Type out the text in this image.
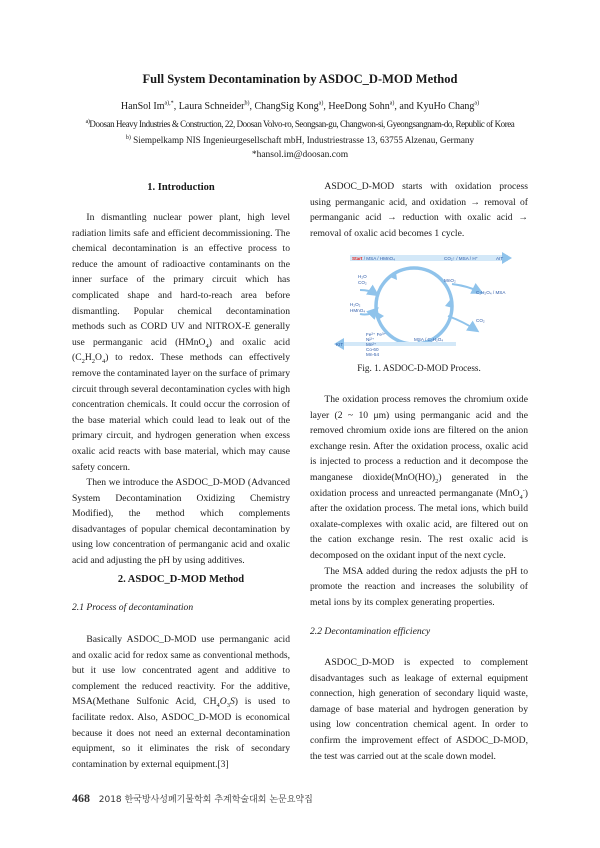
Full System Decontamination by ASDOC_D-MOD Method
HanSol $Im^{a),*}$, Laura Schneider$^{b)}$, ChangSig Kong$^{a)}$, HeeDong Sohn$^{a)}$, and KyuHo Chang$^{a)}$
$^{a)}$Doosan Heavy Industries & Construction, 22, Doosan Volvo-ro, Seongsan-gu, Changwon-si, Gyeongsangnam-do, Republic of Korea
$^{b)}$ Siempelkamp NIS Ingenieurgesellschaft mbH, Industriestrasse 13, 63755 Alzenau, Germany
*hansol.im@doosan.com
1. Introduction

In dismantling nuclear power plant, high level radiation limits safe and efficient decommissioning. The chemical decontamination is an effective process to reduce the amount of radioactive contaminants on the inner surface of the primary circuit which has complicated shape and hard-to-reach area before dismantling. Popular chemical decontamination methods such as CORD UV and NITROX-E generally use permanganic acid (HMnO$_4$) and oxalic acid $(C_2H_2O_4)$ to redox. These methods can effectively remove the contaminated layer on the surface of primary circuit through several decontamination cycles with high concentration chemicals. It could occur the corrosion of the base material which could lead to leak out of the primary circuit, and hydrogen generation when excess oxalic acid reacts with base material, which may cause safety concern.

Then we introduce the ASDOC_D-MOD (Advanced System Decontamination Oxidizing Chemistry Modified), the method which complements disadvantages of popular chemical decontamination by using low concentration of permanganic acid and oxalic acid and adjusting the pH by using additives.

2. ASDOC_D-MOD Method
2.1 Process of decontamination

Basically ASDOC_D-MOD use permanganic acid and oxalic acid for redox same as conventional methods, but it use low concentrated agent and additive to complement the reduced reactivity. For the additive, MSA(Methane Sulfonic Acid, $CH_4O_3S$) is used to facilitate redox. Also, ASDOC_D-MOD is economical because it does not need an external decontamination equipment, so it eliminates the risk of secondary contamination by external equipment.[3]

ASDOC_D-MOD starts with oxidation process using permanganic acid, and oxidation → removal of permanganic acid → reduction with oxalic acid → removal of oxalic acid becomes 1 cycle.

Start / MSA / HMnO₄	CO₂↑ / MSA / H⁺	AIT
H₂O
CO₂	MnO₂
C₂H₂O₄ / MSA
H₂O₂
HMnO₄
CO₂
Fe²⁺ Fe³⁺
Ni²⁺
Mn²⁺
Co-60
Mn-54
KIT
MSA / C₂H₂O₄
Fig. 1. ASDOC-D-MOD Process.

The oxidation process removes the chromium oxide layer (2 ~ 10 μm) using permanganic acid and the removed chromium oxide ions are filtered on the anion exchange resin. After the oxidation process, oxalic acid is injected to process a reduction and it decompose the manganese $dioxide(MnO(HO)_2)$ generated in the oxidation process and unreacted permanganate (MnO$_4$-) after the oxidation process. The metal ions, which build oxalate-complexes with oxalic acid, are filtered out on the cation exchange resin. The rest oxalic acid is decomposed on the oxidant input of the next cycle.

The MSA added during the redox adjusts the pH to promote the reaction and increases the solubility of metal ions by its complex generating properties.

2.2 Decontamination efficiency

ASDOC_D-MOD is expected to complement disadvantages such as leakage of external equipment connection, high generation of secondary liquid waste, damage of base material and hydrogen generation by using low concentration chemical agent. In order to confirm the improvement effect of ASDOC_D-MOD, the test was carried out at the scale down model.

468 2018 한국방사성폐기물학회 추계학술대회 논문요약집
